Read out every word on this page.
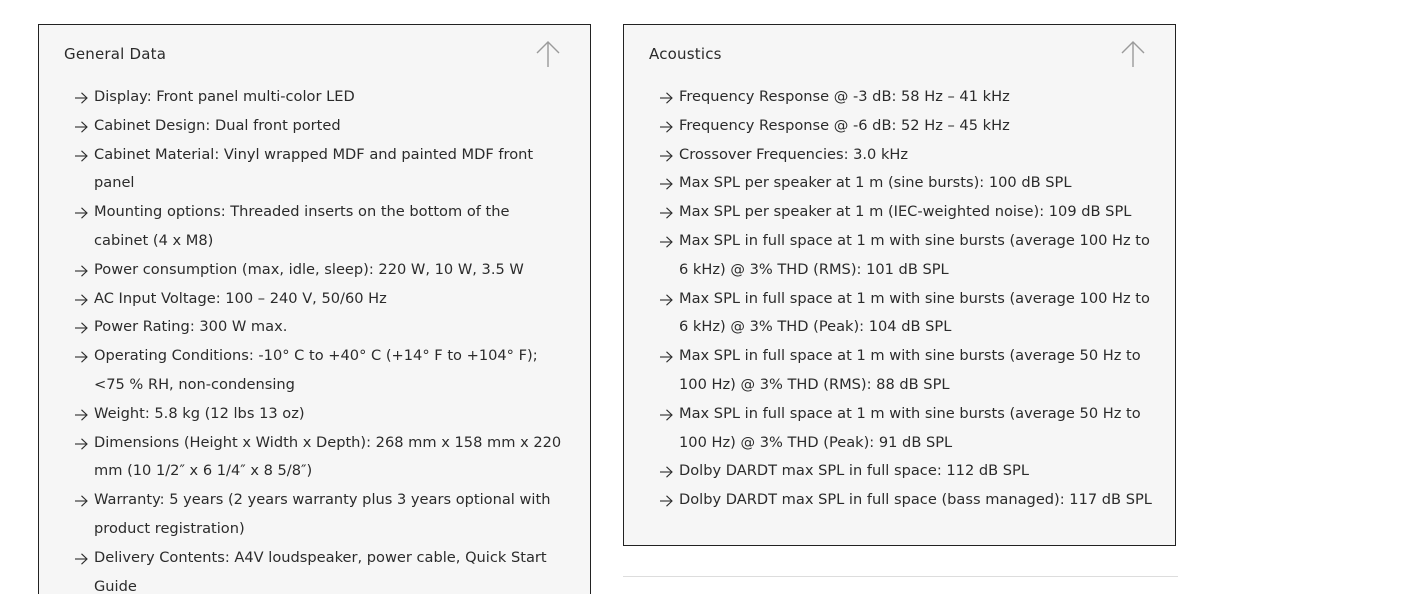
General Data
Display: Front panel multi-color LED
Cabinet Design: Dual front ported
Cabinet Material: Vinyl wrapped MDF and painted MDF front panel
Mounting options: Threaded inserts on the bottom of the cabinet (4 x M8)
Power consumption (max, idle, sleep): 220 W, 10 W, 3.5 W
AC Input Voltage: 100 – 240 V, 50/60 Hz
Power Rating: 300 W max.
Operating Conditions: -10° C to +40° C (+14° F to +104° F); <75 % RH, non-condensing
Weight: 5.8 kg (12 lbs 13 oz)
Dimensions (Height x Width x Depth): 268 mm x 158 mm x 220 mm (10 1/2″ x 6 1/4″ x 8 5/8″)
Warranty: 5 years (2 years warranty plus 3 years optional with product registration)
Delivery Contents: A4V loudspeaker, power cable, Quick Start Guide
Acoustics
Frequency Response @ -3 dB: 58 Hz – 41 kHz
Frequency Response @ -6 dB: 52 Hz – 45 kHz
Crossover Frequencies: 3.0 kHz
Max SPL per speaker at 1 m (sine bursts): 100 dB SPL
Max SPL per speaker at 1 m (IEC-weighted noise): 109 dB SPL
Max SPL in full space at 1 m with sine bursts (average 100 Hz to 6 kHz) @ 3% THD (RMS): 101 dB SPL
Max SPL in full space at 1 m with sine bursts (average 100 Hz to 6 kHz) @ 3% THD (Peak): 104 dB SPL
Max SPL in full space at 1 m with sine bursts (average 50 Hz to 100 Hz) @ 3% THD (RMS): 88 dB SPL
Max SPL in full space at 1 m with sine bursts (average 50 Hz to 100 Hz) @ 3% THD (Peak): 91 dB SPL
Dolby DARDT max SPL in full space: 112 dB SPL
Dolby DARDT max SPL in full space (bass managed): 117 dB SPL
